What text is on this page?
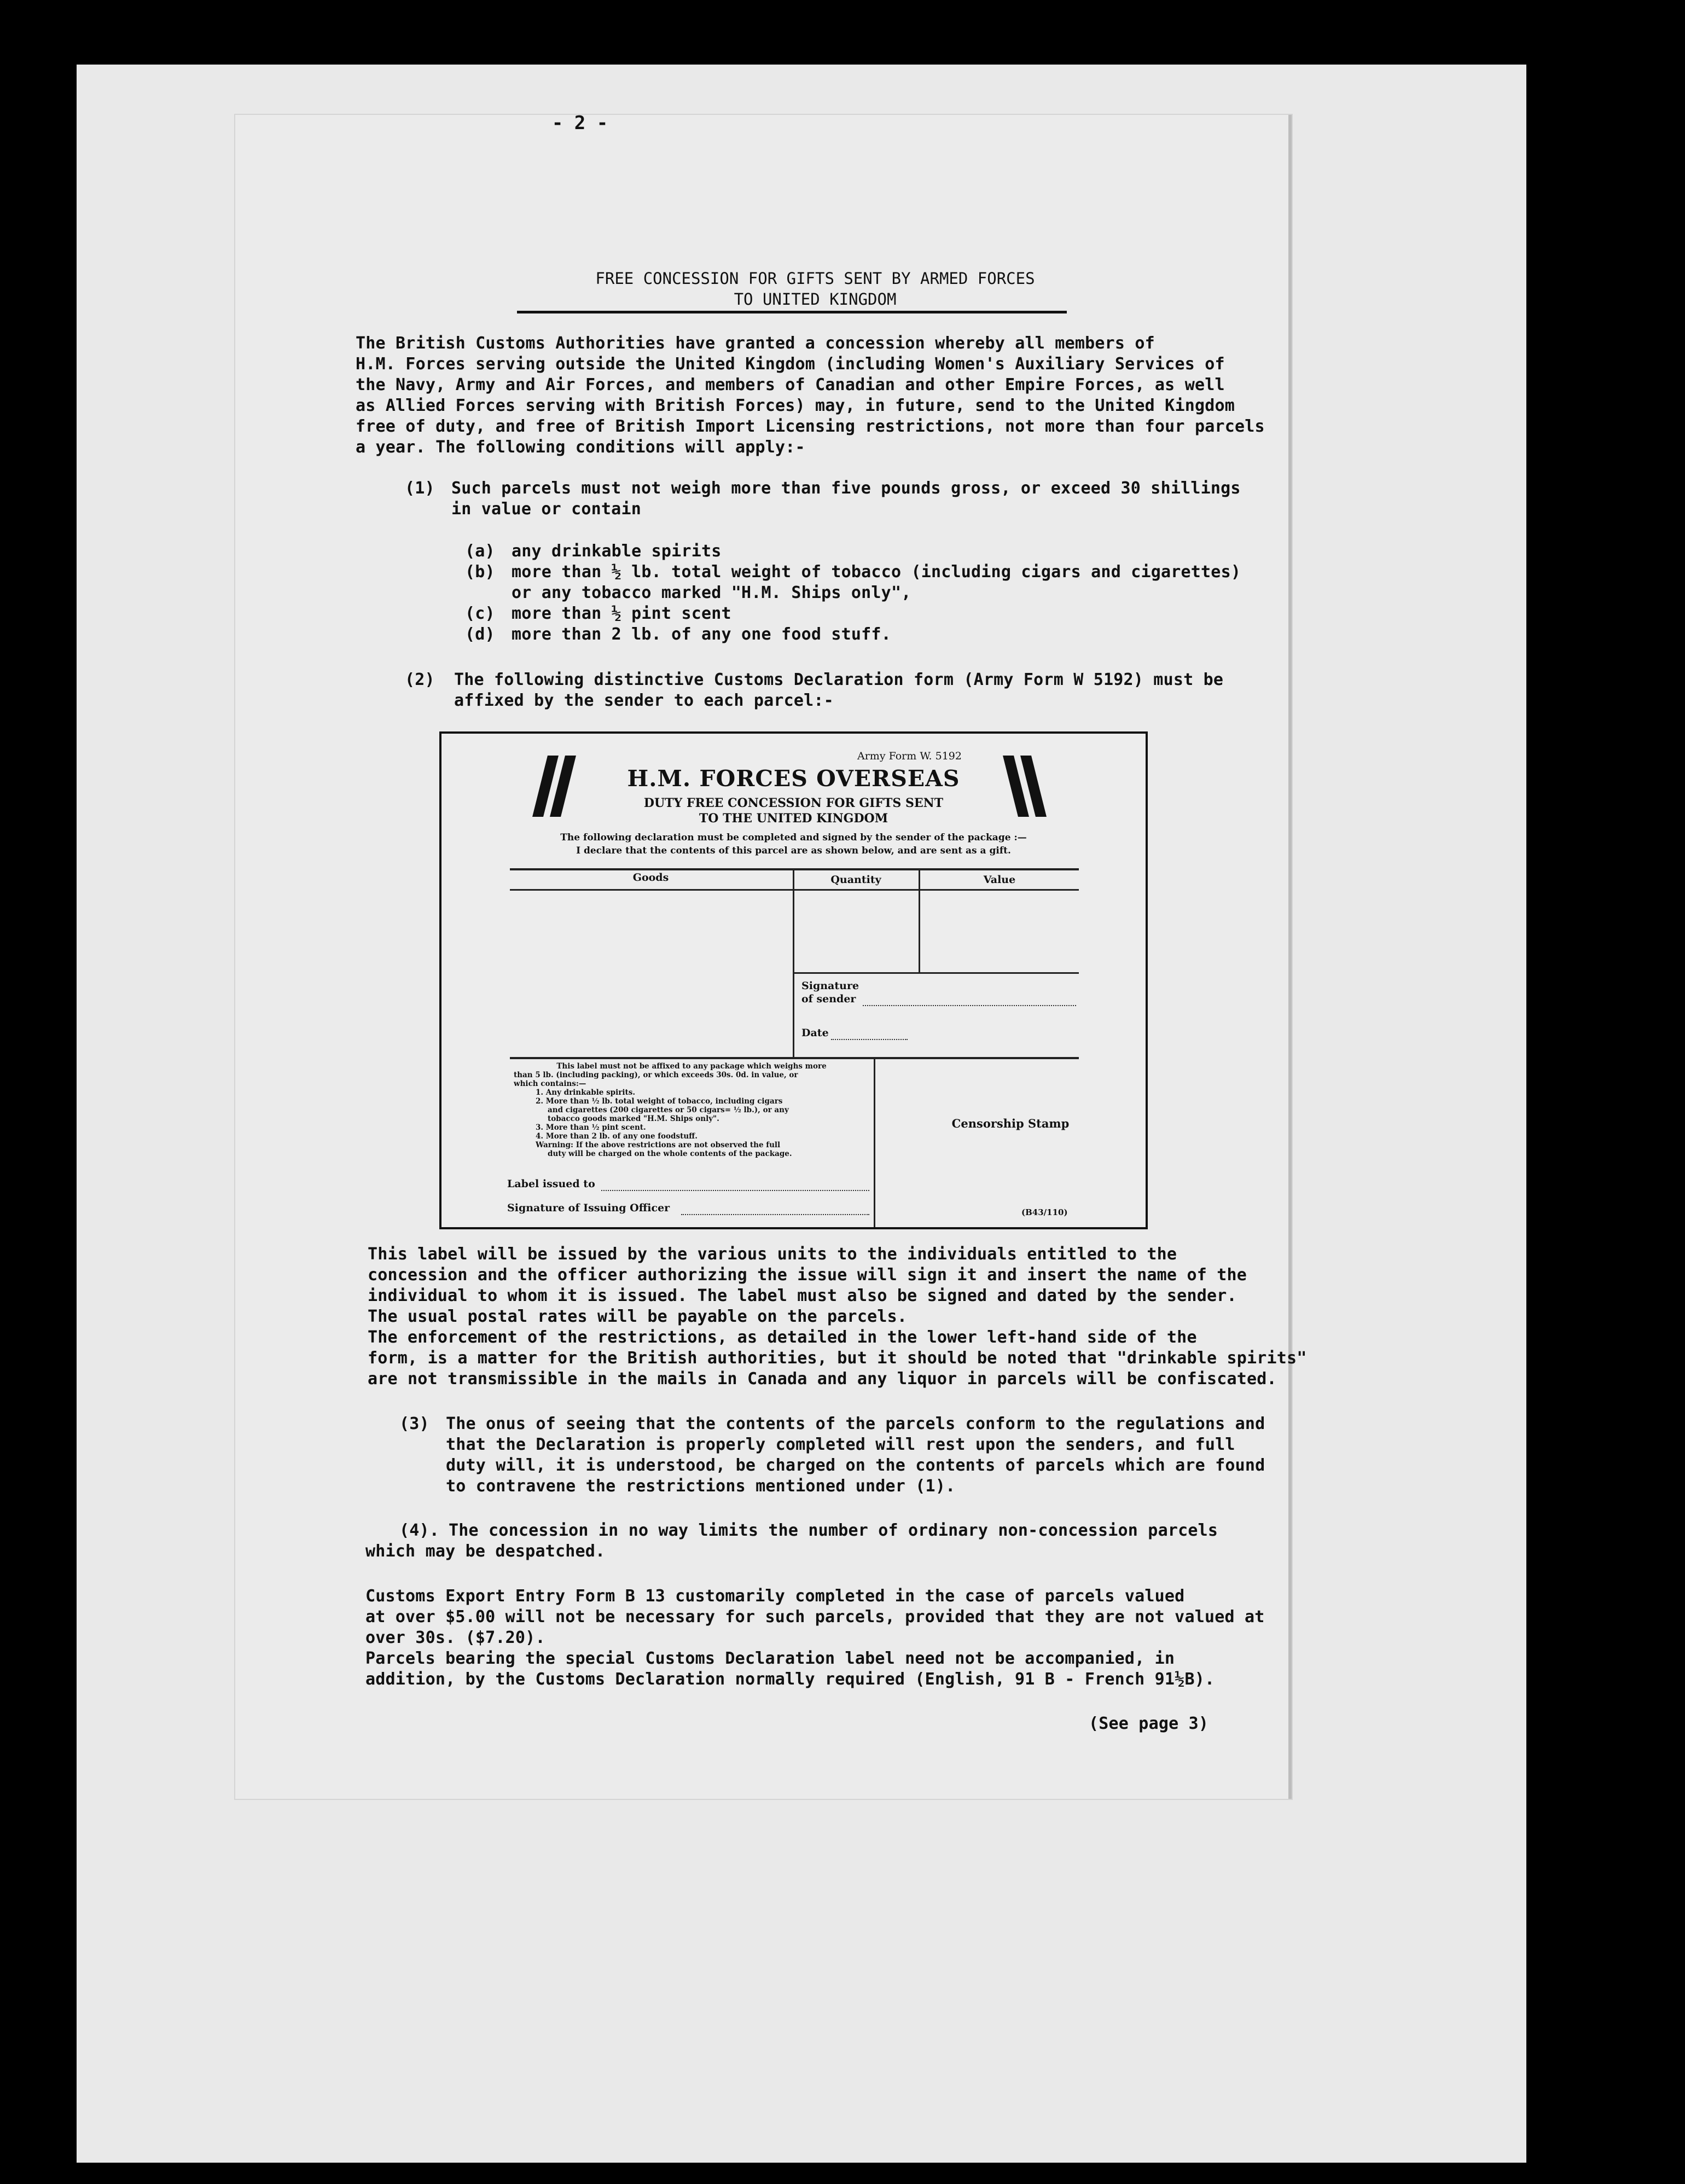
- 2 -
FREE CONCESSION FOR GIFTS SENT BY ARMED FORCES
TO UNITED KINGDOM
The British Customs Authorities have granted a concession whereby all members of
H.M. Forces serving outside the United Kingdom (including Women's Auxiliary Services of
the Navy, Army and Air Forces, and members of Canadian and other Empire Forces, as well
as Allied Forces serving with British Forces) may, in future, send to the United Kingdom
free of duty, and free of British Import Licensing restrictions, not more than four parcels
a year. The following conditions will apply:-
(1) Such parcels must not weigh more than five pounds gross, or exceed 30 shillings
in value or contain
(a) any drinkable spirits
(b) more than ½ lb. total weight of tobacco (including cigars and cigarettes)
or any tobacco marked "H.M. Ships only",
(c) more than ½ pint scent
(d) more than 2 lb. of any one food stuff.
(2) The following distinctive Customs Declaration form (Army Form W 5192) must be
affixed by the sender to each parcel:-
Army Form W. 5192
H.M. FORCES OVERSEAS
DUTY FREE CONCESSION FOR GIFTS SENT
TO THE UNITED KINGDOM
The following declaration must be completed and signed by the sender of the package :—
I declare that the contents of this parcel are as shown below, and are sent as a gift.
Goods	Quantity	Value
Signature
of sender
Date
This label must not be affixed to any package which weighs more
than 5 lb. (including packing), or which exceeds 30s. 0d. in value, or
which contains:—
1. Any drinkable spirits.
2. More than ½ lb. total weight of tobacco, including cigars
and cigarettes (200 cigarettes or 50 cigars= ½ lb.), or any
tobacco goods marked "H.M. Ships only".
3. More than ½ pint scent.
4. More than 2 lb. of any one foodstuff.
Warning: If the above restrictions are not observed the full
duty will be charged on the whole contents of the package.
Label issued to
Signature of Issuing Officer
Censorship Stamp
(B43/110)
This label will be issued by the various units to the individuals entitled to the
concession and the officer authorizing the issue will sign it and insert the name of the
individual to whom it is issued. The label must also be signed and dated by the sender.
The usual postal rates will be payable on the parcels.
The enforcement of the restrictions, as detailed in the lower left-hand side of the
form, is a matter for the British authorities, but it should be noted that "drinkable spirits"
are not transmissible in the mails in Canada and any liquor in parcels will be confiscated.
(3) The onus of seeing that the contents of the parcels conform to the regulations and
that the Declaration is properly completed will rest upon the senders, and full
duty will, it is understood, be charged on the contents of parcels which are found
to contravene the restrictions mentioned under (1).
(4). The concession in no way limits the number of ordinary non-concession parcels
which may be despatched.
Customs Export Entry Form B 13 customarily completed in the case of parcels valued
at over $5.00 will not be necessary for such parcels, provided that they are not valued at
over 30s. ($7.20).
Parcels bearing the special Customs Declaration label need not be accompanied, in
addition, by the Customs Declaration normally required (English, 91 B - French 91½B).
(See page 3)
